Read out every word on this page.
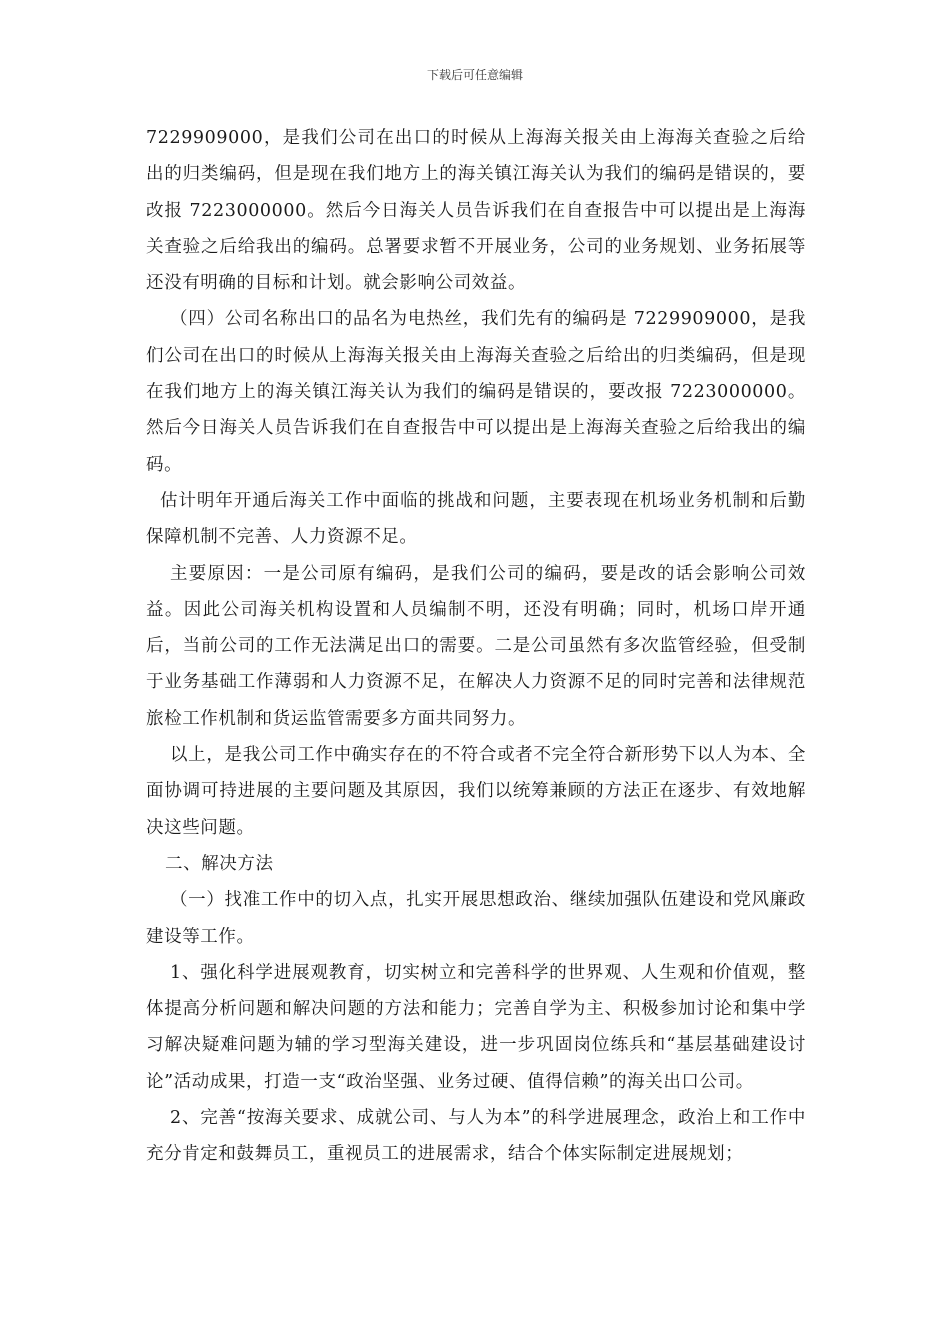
下载后可任意编辑

7229909000，是我们公司在出口的时候从上海海关报关由上海海关查验之后给出的归类编码，但是现在我们地方上的海关镇江海关认为我们的编码是错误的，要改报 7223000000。然后今日海关人员告诉我们在自查报告中可以提出是上海海关查验之后给我出的编码。总署要求暂不开展业务，公司的业务规划、业务拓展等还没有明确的目标和计划。就会影响公司效益。

（四）公司名称出口的品名为电热丝，我们先有的编码是 7229909000，是我们公司在出口的时候从上海海关报关由上海海关查验之后给出的归类编码，但是现在我们地方上的海关镇江海关认为我们的编码是错误的，要改报 7223000000。然后今日海关人员告诉我们在自查报告中可以提出是上海海关查验之后给我出的编码。

估计明年开通后海关工作中面临的挑战和问题，主要表现在机场业务机制和后勤保障机制不完善、人力资源不足。

主要原因：一是公司原有编码，是我们公司的编码，要是改的话会影响公司效益。因此公司海关机构设置和人员编制不明，还没有明确；同时，机场口岸开通后，当前公司的工作无法满足出口的需要。二是公司虽然有多次监管经验，但受制于业务基础工作薄弱和人力资源不足，在解决人力资源不足的同时完善和法律规范旅检工作机制和货运监管需要多方面共同努力。

以上，是我公司工作中确实存在的不符合或者不完全符合新形势下以人为本、全面协调可持进展的主要问题及其原因，我们以统筹兼顾的方法正在逐步、有效地解决这些问题。

二、解决方法

（一）找准工作中的切入点，扎实开展思想政治、继续加强队伍建设和党风廉政建设等工作。

1、强化科学进展观教育，切实树立和完善科学的世界观、人生观和价值观，整体提高分析问题和解决问题的方法和能力；完善自学为主、积极参加讨论和集中学习解决疑难问题为辅的学习型海关建设，进一步巩固岗位练兵和“基层基础建设讨论”活动成果，打造一支“政治坚强、业务过硬、值得信赖”的海关出口公司。

2、完善“按海关要求、成就公司、与人为本”的科学进展理念，政治上和工作中充分肯定和鼓舞员工，重视员工的进展需求，结合个体实际制定进展规划；
